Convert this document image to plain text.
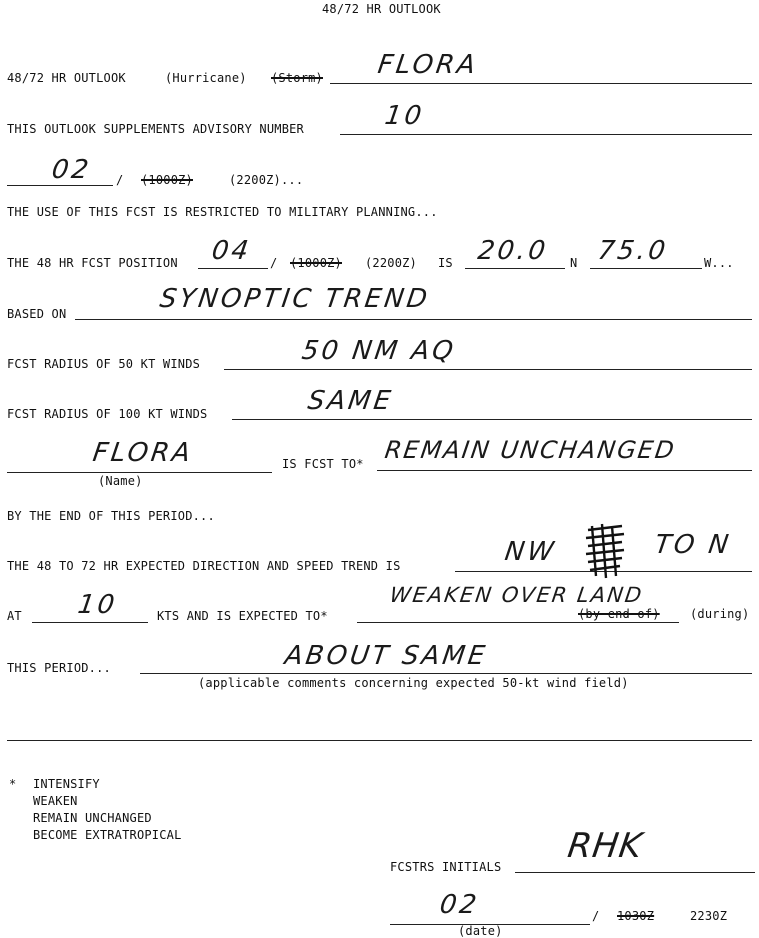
48/72 HR OUTLOOK
48/72 HR OUTLOOK	(Hurricane) (Storm) FLORA
THIS OUTLOOK SUPPLEMENTS ADVISORY NUMBER	10
02 / (1000Z)	(2200Z)...
THE USE OF THIS FCST IS RESTRICTED TO MILITARY PLANNING...
THE 48 HR FCST POSITION 04 / (1000Z) (2200Z) IS 20.0 N 75.0	W...
BASED ON	SYNOPTIC TREND
FCST RADIUS OF 50 KT WINDS	50 NM AQ
FCST RADIUS OF 100 KT WINDS	SAME
FLORA
(Name)
IS FCST TO* REMAIN UNCHANGED
BY THE END OF THIS PERIOD...
THE 48 TO 72 HR EXPECTED DIRECTION AND SPEED TREND IS	NW	TO N
AT 10	KTS AND IS EXPECTED TO*
WEAKEN OVER LAND
(by end of)	(during)
THIS PERIOD...	ABOUT SAME
(applicable comments concerning expected 50-kt wind field)
* INTENSIFY
WEAKEN
REMAIN UNCHANGED
BECOME EXTRATROPICAL
FCSTRS INITIALS
RHK
02	/ 1030Z	2230Z
(date)
